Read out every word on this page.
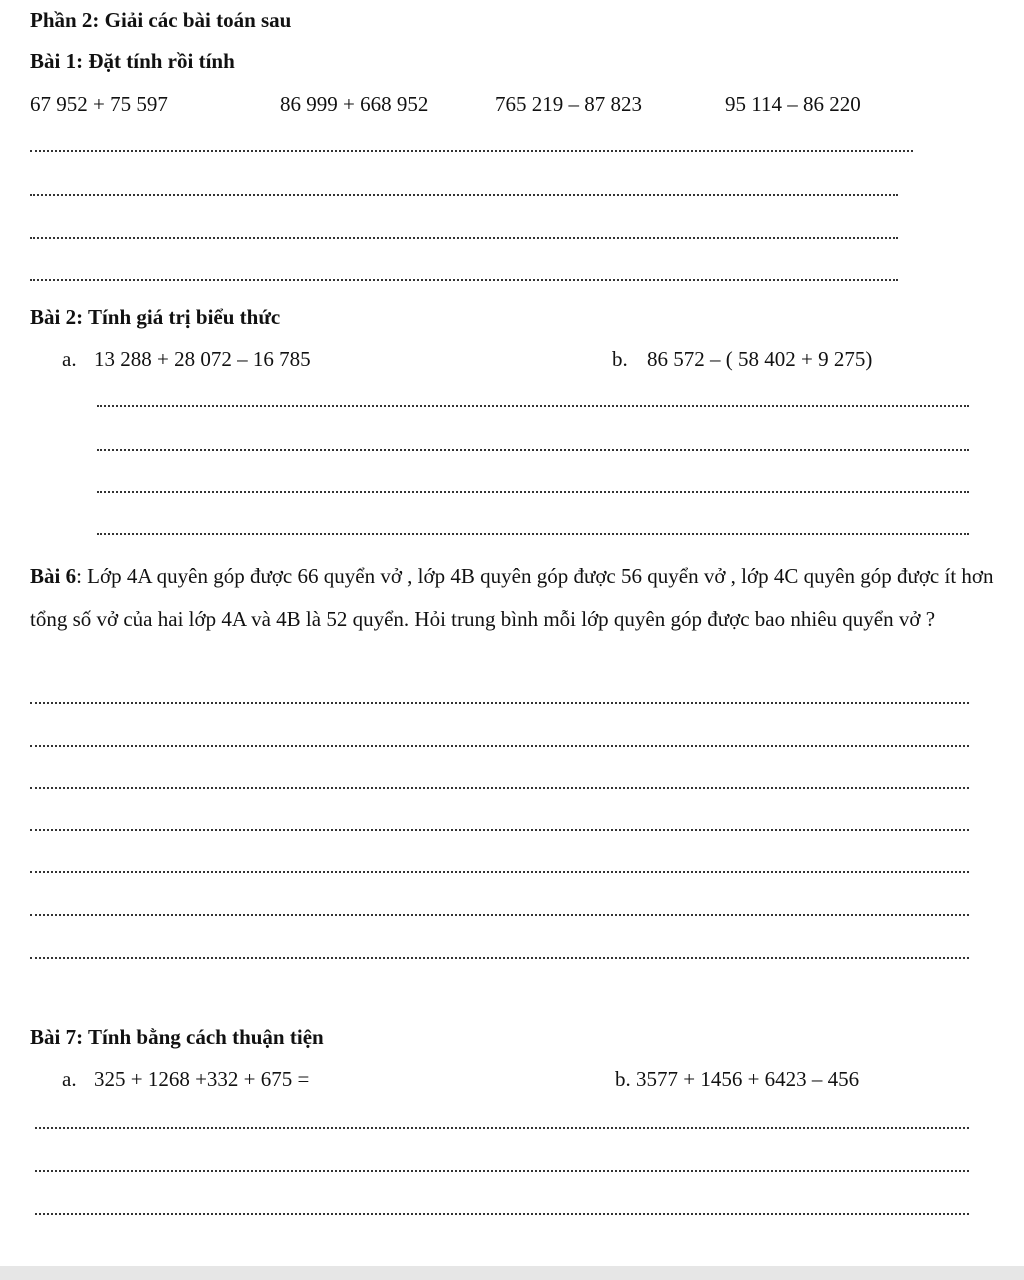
Phần 2: Giải các bài toán sau
Bài 1: Đặt tính rồi tính
67 952 + 75 597	86 999 + 668 952	765 219 – 87 823	95 114 – 86 220
Bài 2: Tính giá trị biểu thức
a. 13 288 + 28 072 – 16 785	b. 86 572 – ( 58 402 + 9 275)
Bài 6: Lớp 4A quyên góp được 66 quyển vở , lớp 4B quyên góp được 56 quyển vở , lớp 4C quyên góp được ít hơn tổng số vở của hai lớp 4A và 4B là 52 quyển. Hỏi trung bình mỗi lớp quyên góp được bao nhiêu quyển vở ?
Bài 7: Tính bằng cách thuận tiện
a. 325 + 1268 +332 + 675 =	b. 3577 + 1456 + 6423 – 456
